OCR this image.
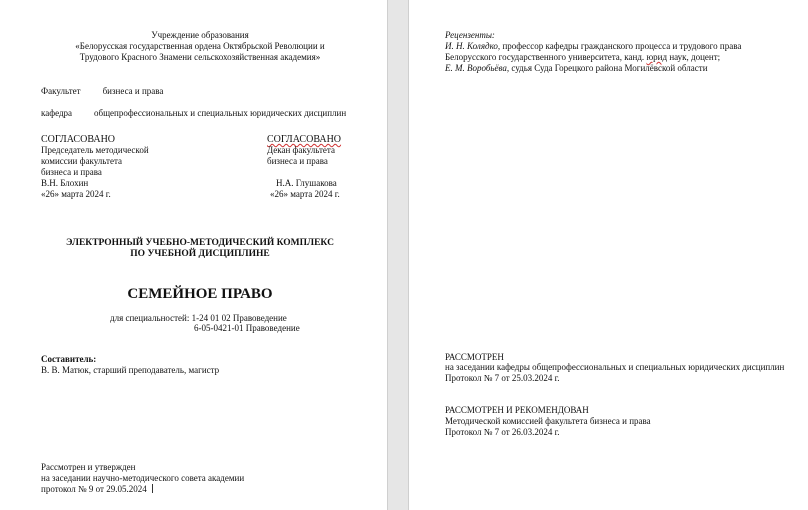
Учреждение образования
«Белорусская государственная ордена Октябрьской Революции и
Трудового Красного Знамени сельскохозяйственная академия»
Факультет бизнеса и права
кафедра общепрофессиональных и специальных юридических дисциплин
СОГЛАСОВАНО
Председатель методической
комиссии факультета
бизнеса и права
В.Н. Блохин
«26» марта 2024 г.
СОГЛАСОВАНО
Декан факультета
бизнеса и права
Н.А. Глушакова
«26» марта 2024 г.
ЭЛЕКТРОННЫЙ УЧЕБНО-МЕТОДИЧЕСКИЙ КОМПЛЕКС
ПО УЧЕБНОЙ ДИСЦИПЛИНЕ
СЕМЕЙНОЕ ПРАВО
для специальностей: 1-24 01 02 Правоведение
6-05-0421-01 Правоведение
Составитель:
В. В. Матюк, старший преподаватель, магистр
Рассмотрен и утвержден
на заседании научно-методического совета академии
протокол № 9 от 29.05.2024
Рецензенты:
И. Н. Колядко, профессор кафедры гражданского процесса и трудового права
Белорусского государственного университета, канд. юрид наук, доцент;
Е. М. Воробьёва, судья Суда Горецкого района Могилёвской области
РАССМОТРЕН
на заседании кафедры общепрофессиональных и специальных юридических дисциплин
Протокол № 7 от 25.03.2024 г.
РАССМОТРЕН И РЕКОМЕНДОВАН
Методической комиссией факультета бизнеса и права
Протокол № 7 от 26.03.2024 г.
